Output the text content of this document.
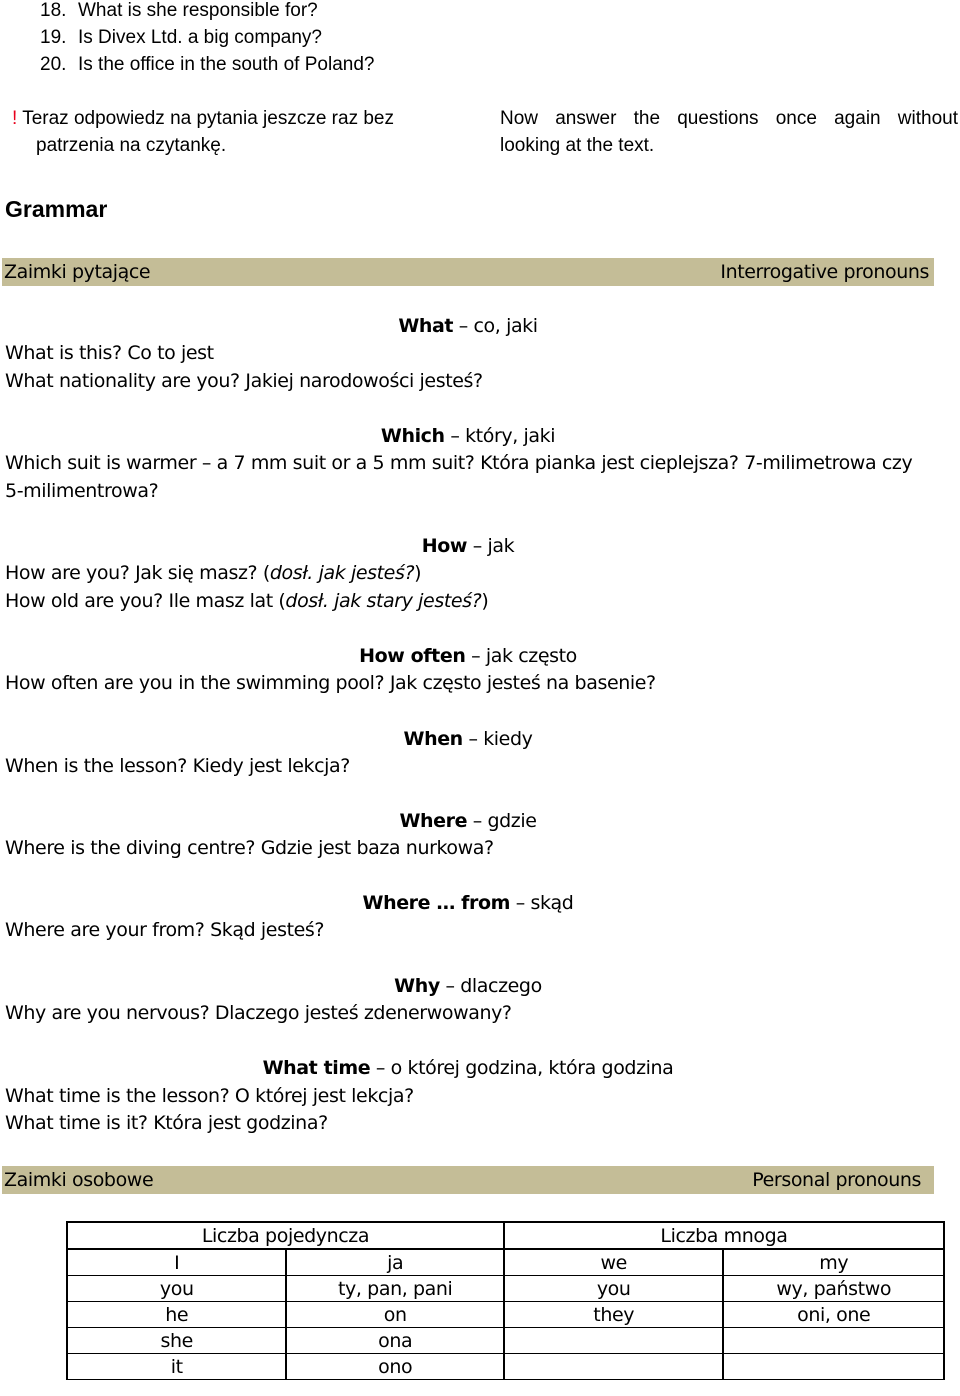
18. What is she responsible for?
19. Is Divex Ltd. a big company?
20. Is the office in the south of Poland?
! Teraz odpowiedz na pytania jeszcze raz bez
patrzenia na czytankę.
Now answer the questions once again without
looking at the text.
Grammar
Zaimki pytające	Interrogative pronouns
What – co, jaki
What is this? Co to jest
What nationality are you? Jakiej narodowości jesteś?
Which – który, jaki
Which suit is warmer – a 7 mm suit or a 5 mm suit? Która pianka jest cieplejsza? 7-milimetrowa czy
5-milimentrowa?
How – jak
How are you? Jak się masz? (dosł. jak jesteś?)
How old are you? Ile masz lat (dosł. jak stary jesteś?)
How often – jak często
How often are you in the swimming pool? Jak często jesteś na basenie?
When – kiedy
When is the lesson? Kiedy jest lekcja?
Where – gdzie
Where is the diving centre? Gdzie jest baza nurkowa?
Where … from – skąd
Where are your from? Skąd jesteś?
Why – dlaczego
Why are you nervous? Dlaczego jesteś zdenerwowany?
What time – o której godzina, która godzina
What time is the lesson? O której jest lekcja?
What time is it? Która jest godzina?
Zaimki osobowe	Personal pronouns
Liczba pojedyncza		Liczba mnoga	
I	ja	we	my
you	ty, pan, pani	you	wy, państwo
he	on	they	oni, one
she	ona		
it	ono		
